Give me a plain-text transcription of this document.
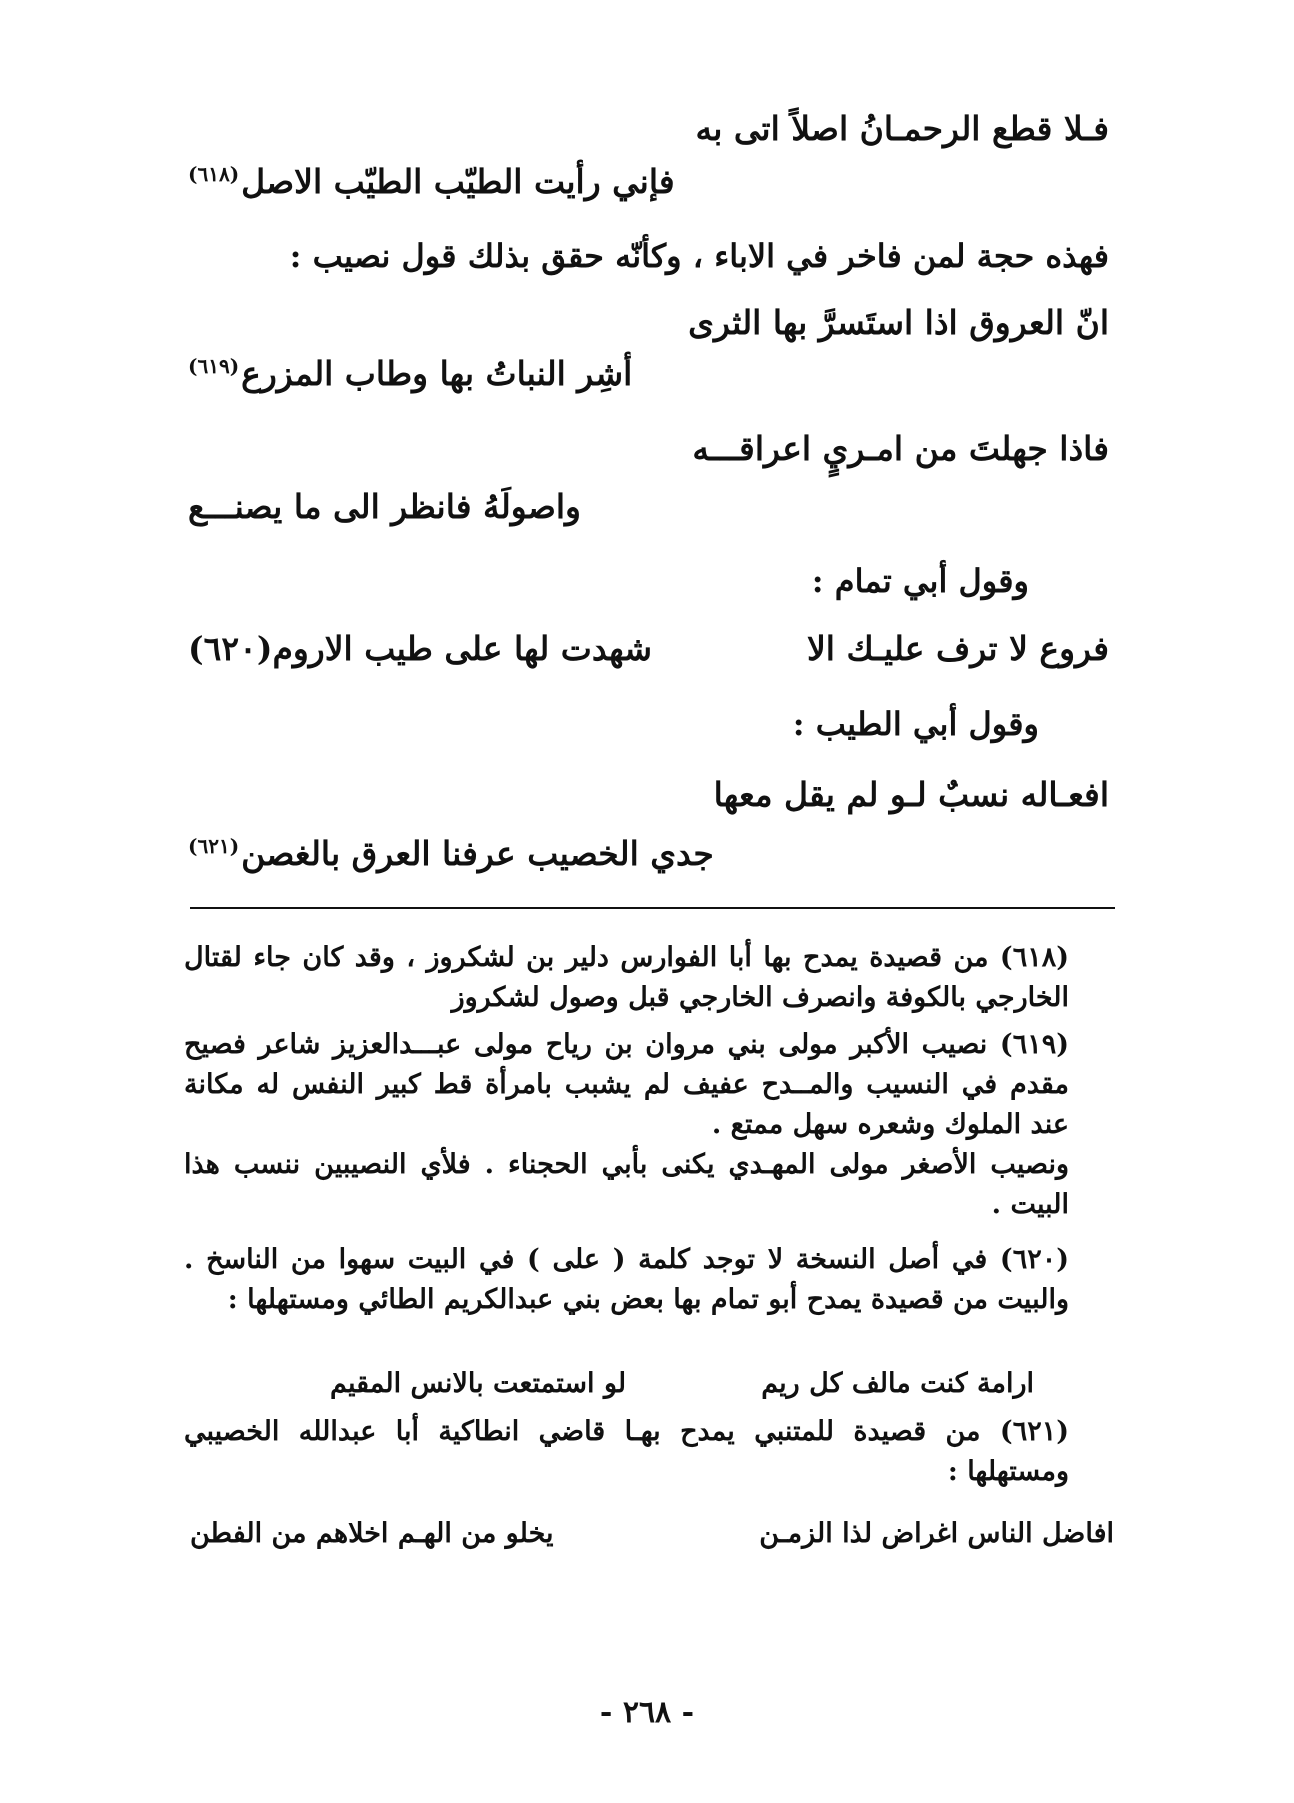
فـلا قطع الرحمـانُ اصلاً اتى به
فإني رأيت الطيّب الطيّب الاصل$^{(٦١٨)}$
فهذه حجة لمن فاخر في الاباء ، وكأنّه حقق بذلك قول نصيب :
انّ العروق اذا استَسرَّ بها الثرى
أشِر النباتُ بها وطاب المزرع$^{(٦١٩)}$
فاذا جهلتَ من امـريٍ اعراقـــه
واصولَهُ فانظر الى ما يصنـــع
وقول أبي تمام :
فروع لا ترف عليـك الا
شهدت لها على طيب الاروم(٦٢٠)
وقول أبي الطيب :
افعـاله نسبٌ لـو لم يقل معها
جدي الخصيب عرفنا العرق بالغصن$^{(٦٢١)}$

(٦١٨) من قصيدة يمدح بها أبا الفوارس دلير بن لشكروز ، وقد كان جاء لقتال الخارجي بالكوفة وانصرف الخارجي قبل وصول لشكروز

(٦١٩) نصيب الأكبر مولى بني مروان بن رياح مولى عبـــدالعزيز شاعر فصيح مقدم في النسيب والمــدح عفيف لم يشبب بامرأة قط كبير النفس له مكانة عند الملوك وشعره سهل ممتع .

ونصيب الأصغر مولى المهـدي يكنى بأبي الحجناء . فلأي النصيبين ننسب هذا البيت .

(٦٢٠) في أصل النسخة لا توجد كلمة ( على ) في البيت سهوا من الناسخ . والبيت من قصيدة يمدح أبو تمام بها بعض بني عبدالكريم الطائي ومستهلها :

ارامة كنت مالف كل ريم
لو استمتعت بالانس المقيم

(٦٢١) من قصيدة للمتنبي يمدح بهـا قاضي انطاكية أبا عبدالله الخصيبي ومستهلها :

افاضل الناس اغراض لذا الزمـن
يخلو من الهـم اخلاهم من الفطن
- ٢٦٨ -
